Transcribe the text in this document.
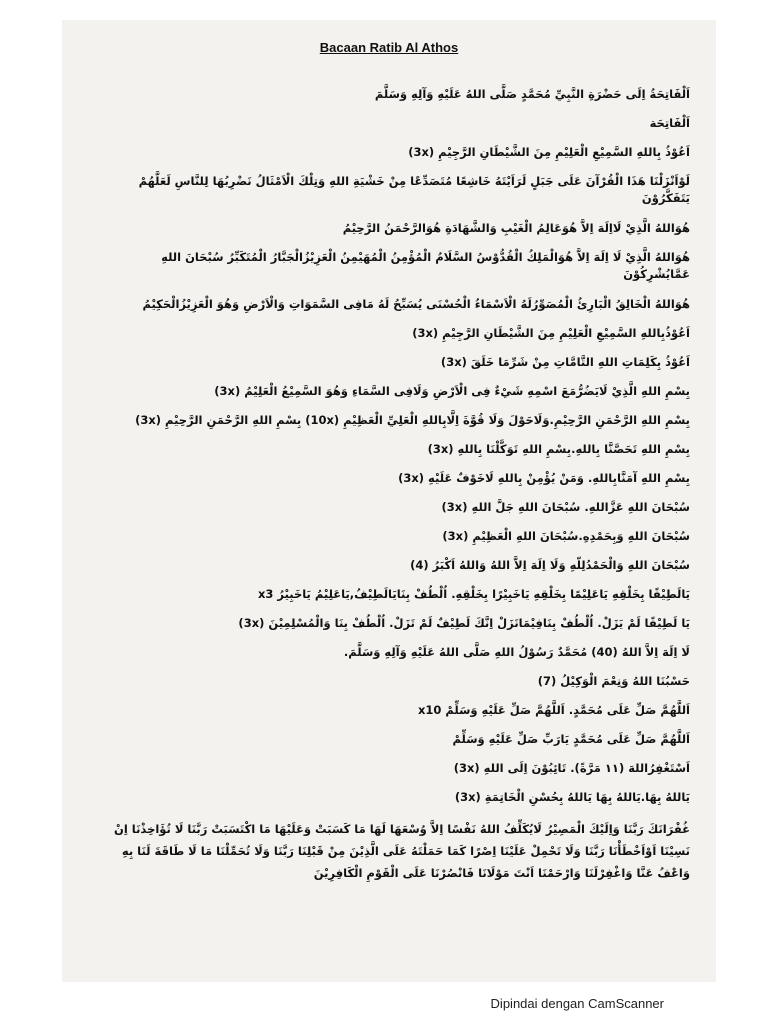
Bacaan Ratib Al Athos

اَلْفَاتِحَةُ اِلَى حَضْرَةِ النَّبِيِّ مُحَمَّدٍ صَلَّى اللهُ عَلَيْهِ وَآلِهِ وَسَلَّمَ

اَلْفَاتِحَة

اَعُوْذُ بِاللهِ السَّمِيْعِ الْعَلِيْمِ مِنَ الشَّيْطَانِ الرَّجِيْمِ (3x)

لَوْاَنْزَلْنَا هَذَا الْقُرْآنَ عَلَى جَبَلٍ لَرَاَيْتَهُ خَاشِعًا مُتَصَدِّعًا مِنْ خَشْيَةِ اللهِ وَتِلْكَ الْاَمْثَالُ نَضْرِبُهَا لِلنَّاسِ لَعَلَّهُمْ يَتَفَكَّرُوْنَ

هُوَاللهُ الَّذِيْ لَااِلَهَ اِلاَّ هُوَعَالِمُ الْغَيْبِ وَالشَّهَادَةِ هُوَالرَّحْمَنُ الرَّحِيْمُ

هُوَاللهُ الَّذِيْ لَا اِلَهَ اِلاَّ هُوَالْمَلِكُ الْقُدُّوْسُ السَّلَامُ الْمُؤْمِنُ الْمُهَيْمِنُ الْعَزِيْزُالْجَبَّارُ الْمُتَكَبِّرُ سُبْحَانَ اللهِ عَمَّايُشْرِكُوْنَ

هُوَاللهُ الْخَالِقُ الْبَارِئُ الْمُصَوِّرُلَهُ الْاَسْمَاءُ الْحُسْنَى يُسَبِّحُ لَهُ مَافِى السَّمَوَاتِ وَالْاَرْضِ وَهُوَ الْعَزِيْزُالْحَكِيْمُ

اَعُوْذُبِاللهِ السَّمِيْعِ الْعَلِيْمِ مِنَ الشَّيْطَانِ الرَّجِيْمِ (3x)

اَعُوْذُ بِكَلِمَاتِ اللهِ التَّامَّاتِ مِنْ شَرِّمَا خَلَقَ (3x)

بِسْمِ اللهِ الَّذِيْ لَايَضُرُّمَعَ اسْمِهِ شَيْءٌ فِى الْاَرْضِ وَلَافِى السَّمَاءِ وَهُوَ السَّمِيْعُ الْعَلِيْمُ (3x)

بِسْمِ اللهِ الرَّحْمَنِ الرَّحِيْمِ.وَلَاحَوْلَ وَلَا قُوَّةَ اِلَّابِاللهِ الْعَلِيِّ الْعَظِيْمِ (10x) بِسْمِ اللهِ الرَّحْمَنِ الرَّحِيْمِ (3x)

بِسْمِ اللهِ تَحَصَّنَّا بِاللهِ.بِسْمِ اللهِ تَوَكَّلْنَا بِاللهِ (3x)

بِسْمِ اللهِ آمَنَّابِاللهِ. وَمَنْ يُؤْمِنْ بِاللهِ لَاخَوْفٌ عَلَيْهِ (3x)

سُبْحَانَ اللهِ عَزَّاللهِ. سُبْحَانَ اللهِ جَلَّ اللهِ (3x)

سُبْحَانَ اللهِ وَبِحَمْدِهِ.سُبْحَانَ اللهِ الْعَظِيْمِ (3x)

سُبْحَانَ اللهِ وَالْحَمْدُلِلّهِ وَلَا اِلَهَ اِلاَّ اللهُ وَاللهُ اَكْبَرُ (4)

يَالَطِيْفًا بِخَلْقِهِ يَاعَلِيْمًا بِخَلْقِهِ يَاخَبِيْرًا بِخَلْقِهِ. اُلْطُفْ بِنَايَالَطِيْفُ,يَاعَلِيْمُ يَاخَبِيْرُ x3

يَا لَطِيْفًا لَمْ يَزَلْ. اُلْطُفْ بِنَافِيْمَانَزَلْ اِنَّكَ لَطِيْفٌ لَمْ تَزَلْ. اُلْطُفْ بِنَا وَالْمُسْلِمِيْنَ (3x)

لَا اِلَهَ اِلاَّ اللهُ (40) مُحَمَّدٌ رَسُوْلُ اللهِ صَلَّى اللهُ عَلَيْهِ وَآلِهِ وَسَلَّمَ.

حَسْبُنَا اللهُ وَنِعْمَ الْوَكِيْلُ (7)

اَللَّهُمَّ صَلِّ عَلَى مُحَمَّدٍ. اَللَّهُمَّ صَلِّ عَلَيْهِ وَسَلِّمْ x10

اَللَّهُمَّ صَلِّ عَلَى مُحَمَّدٍ يَارَبِّ صَلِّ عَلَيْهِ وَسَلِّمْ

اَسْتَغْفِرُاللهَ (١١ مَرَّةً). تَائِبُوْنَ اِلَى اللهِ (3x)

يَاللهُ بِهَا.يَاللهُ بِهَا يَاللهُ بِحُسْنِ الْخَاتِمَةِ (3x)

غُفْرَانَكَ رَبَّنَا وَاِلَيْكَ الْمَصِيْرُ لَايُكَلِّفُ اللهُ نَفْسًا اِلاَّ وُسْعَهَا لَهَا مَا كَسَبَتْ وَعَلَيْهَا مَا اكْتَسَبَتْ رَبَّنَا لَا تُؤَاخِذْنَا اِنْ نَسِيْنَا اَوْاَخْطَأْنَا رَبَّنَا وَلَا تَحْمِلْ عَلَيْنَا اِصْرًا كَمَا حَمَلْتَهُ عَلَى الَّذِيْنَ مِنْ قَبْلِنَا رَبَّنَا وَلَا تُحَمِّلْنَا مَا لَا طَاقَةَ لَنَا بِهِ وَاعْفُ عَنَّا وَاغْفِرْلَنَا وَارْحَمْنَا اَنْتَ مَوْلَانَا فَانْصُرْنَا عَلَى الْقَوْمِ الْكَافِرِيْنَ

Dipindai dengan CamScanner
